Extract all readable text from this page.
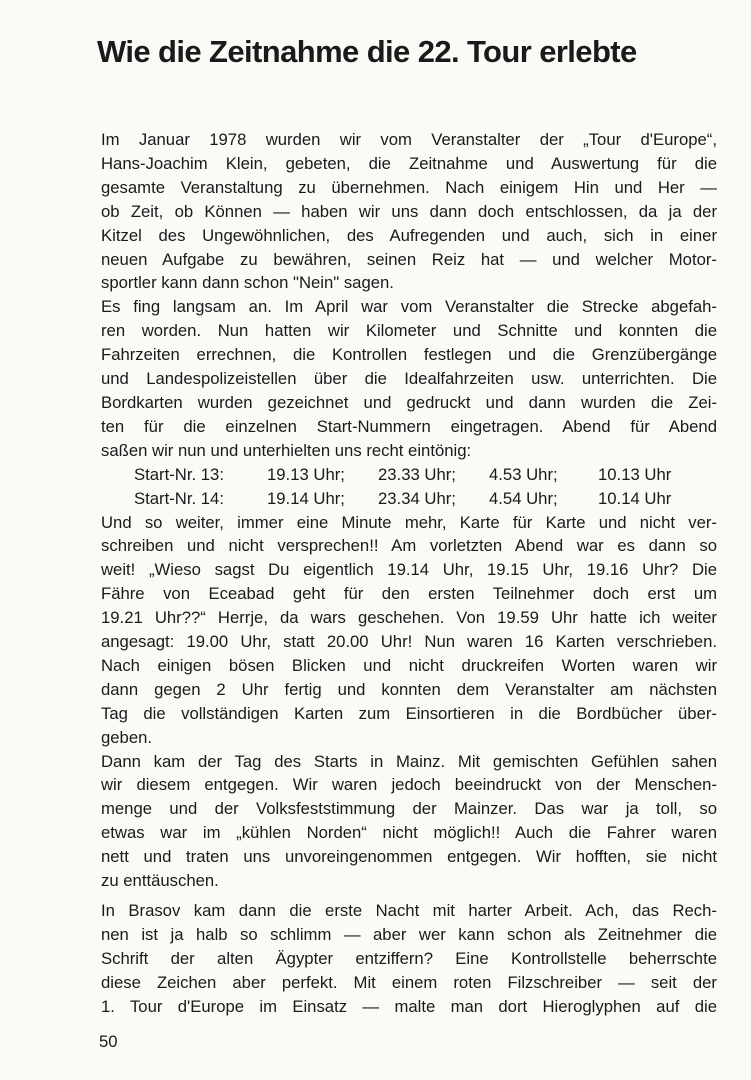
Wie die Zeitnahme die 22. Tour erlebte
Im Januar 1978 wurden wir vom Veranstalter der „Tour d'Europe“,
Hans-Joachim Klein, gebeten, die Zeitnahme und Auswertung für die
gesamte Veranstaltung zu übernehmen. Nach einigem Hin und Her —
ob Zeit, ob Können — haben wir uns dann doch entschlossen, da ja der
Kitzel des Ungewöhnlichen, des Aufregenden und auch, sich in einer
neuen Aufgabe zu bewähren, seinen Reiz hat — und welcher Motor-
sportler kann dann schon "Nein" sagen.
Es fing langsam an. Im April war vom Veranstalter die Strecke abgefah-
ren worden. Nun hatten wir Kilometer und Schnitte und konnten die
Fahrzeiten errechnen, die Kontrollen festlegen und die Grenzübergänge
und Landespolizeistellen über die Idealfahrzeiten usw. unterrichten. Die
Bordkarten wurden gezeichnet und gedruckt und dann wurden die Zei-
ten für die einzelnen Start-Nummern eingetragen. Abend für Abend
saßen wir nun und unterhielten uns recht eintönig:
Start-Nr. 13:	19.13 Uhr;	23.33 Uhr;	4.53 Uhr;	10.13 Uhr
Start-Nr. 14:	19.14 Uhr;	23.34 Uhr;	4.54 Uhr;	10.14 Uhr
Und so weiter, immer eine Minute mehr, Karte für Karte und nicht ver-
schreiben und nicht versprechen!! Am vorletzten Abend war es dann so
weit! „Wieso sagst Du eigentlich 19.14 Uhr, 19.15 Uhr, 19.16 Uhr? Die
Fähre von Eceabad geht für den ersten Teilnehmer doch erst um
19.21 Uhr??“ Herrje, da wars geschehen. Von 19.59 Uhr hatte ich weiter
angesagt: 19.00 Uhr, statt 20.00 Uhr! Nun waren 16 Karten verschrieben.
Nach einigen bösen Blicken und nicht druckreifen Worten waren wir
dann gegen 2 Uhr fertig und konnten dem Veranstalter am nächsten
Tag die vollständigen Karten zum Einsortieren in die Bordbücher über-
geben.
Dann kam der Tag des Starts in Mainz. Mit gemischten Gefühlen sahen
wir diesem entgegen. Wir waren jedoch beeindruckt von der Menschen-
menge und der Volksfeststimmung der Mainzer. Das war ja toll, so
etwas war im „kühlen Norden“ nicht möglich!! Auch die Fahrer waren
nett und traten uns unvoreingenommen entgegen. Wir hofften, sie nicht
zu enttäuschen.
In Brasov kam dann die erste Nacht mit harter Arbeit. Ach, das Rech-
nen ist ja halb so schlimm — aber wer kann schon als Zeitnehmer die
Schrift der alten Ägypter entziffern? Eine Kontrollstelle beherrschte
diese Zeichen aber perfekt. Mit einem roten Filzschreiber — seit der
1. Tour d'Europe im Einsatz — malte man dort Hieroglyphen auf die
50
